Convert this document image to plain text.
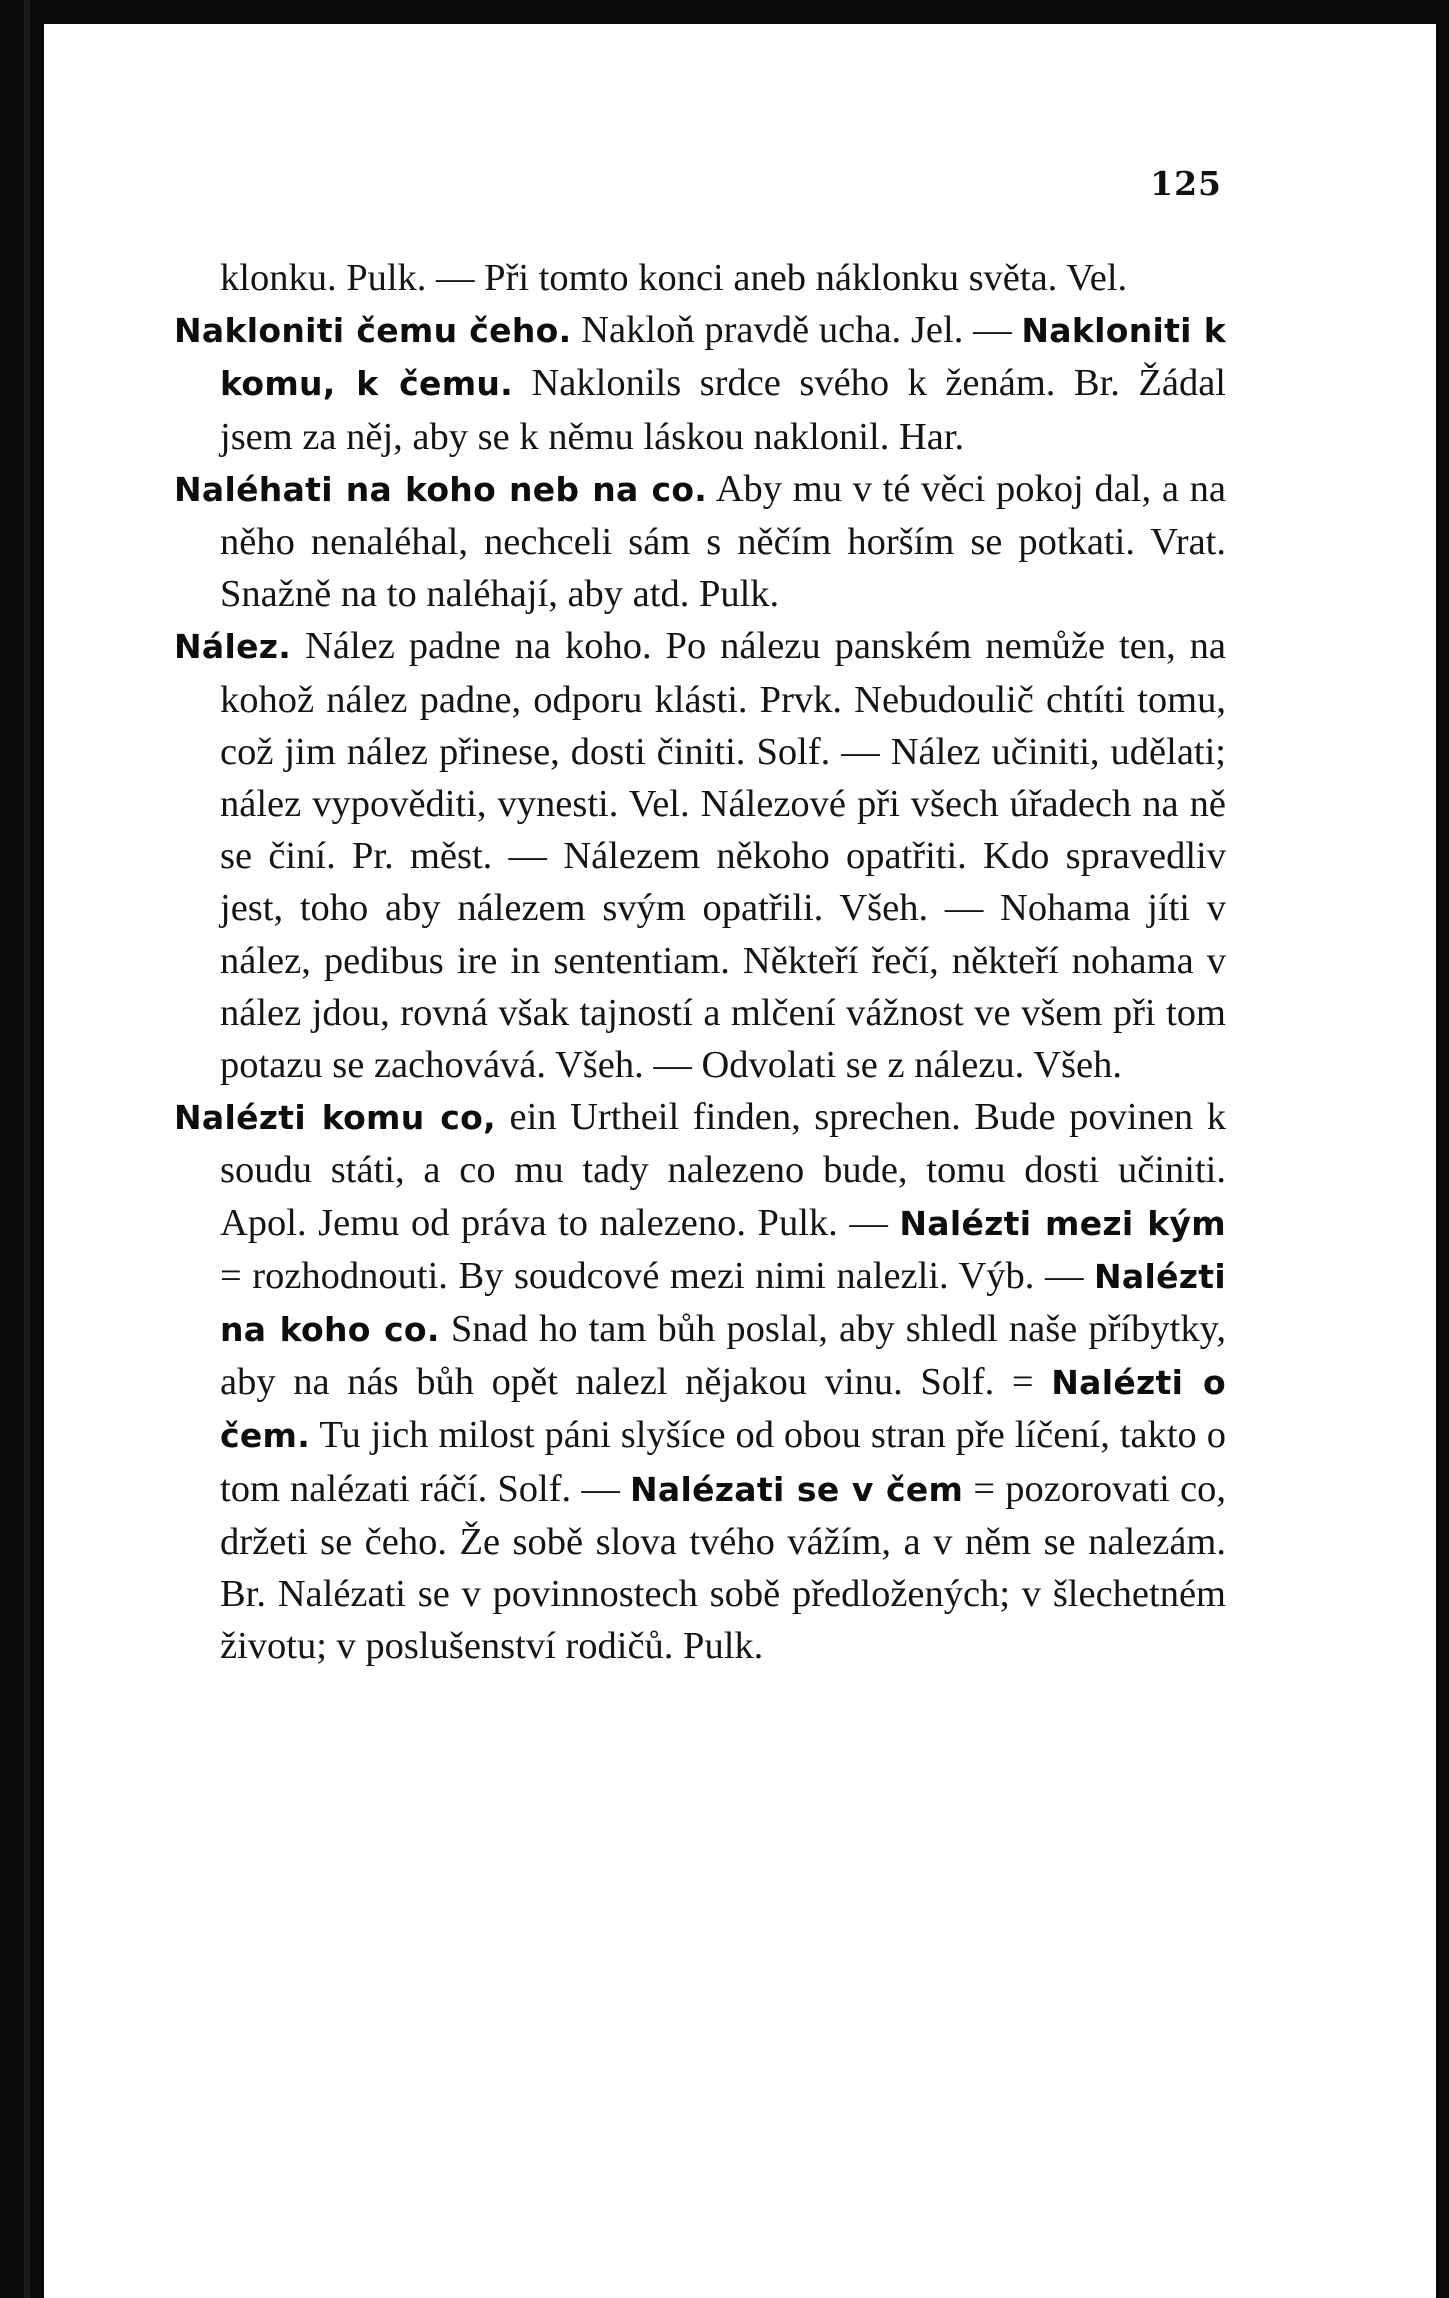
125

klonku. Pulk. — Při tomto konci aneb náklonku světa. Vel.

Nakloniti čemu čeho. Nakloň pravdě ucha. Jel. — Nakloniti k komu, k čemu. Naklonils srdce svého k ženám. Br. Žádal jsem za něj, aby se k němu láskou naklonil. Har.

Naléhati na koho neb na co. Aby mu v té věci pokoj dal, a na něho nenaléhal, nechceli sám s něčím horším se potkati. Vrat. Snažně na to naléhají, aby atd. Pulk.

Nález. Nález padne na koho. Po nálezu panském nemůže ten, na kohož nález padne, odporu klásti. Prvk. Nebudoulič chtíti tomu, což jim nález přinese, dosti činiti. Solf. — Nález učiniti, udělati; nález vypověditi, vynesti. Vel. Nálezové při všech úřadech na ně se činí. Pr. měst. — Nálezem někoho opatřiti. Kdo spravedliv jest, toho aby nálezem svým opatřili. Všeh. — Nohama jíti v nález, pedibus ire in sententiam. Někteří řečí, někteří nohama v nález jdou, rovná však tajností a mlčení vážnost ve všem při tom potazu se zachovává. Všeh. — Odvolati se z nálezu. Všeh.

Nalézti komu co, ein Urtheil finden, sprechen. Bude povinen k soudu státi, a co mu tady nalezeno bude, tomu dosti učiniti. Apol. Jemu od práva to nalezeno. Pulk. — Nalézti mezi kým = rozhodnouti. By soudcové mezi nimi nalezli. Výb. — Nalézti na koho co. Snad ho tam bůh poslal, aby shledl naše příbytky, aby na nás bůh opět nalezl nějakou vinu. Solf. = Nalézti o čem. Tu jich milost páni slyšíce od obou stran pře líčení, takto o tom nalézati ráčí. Solf. — Nalézati se v čem = pozorovati co, držeti se čeho. Že sobě slova tvého vážím, a v něm se nalezám. Br. Nalézati se v povinnostech sobě předložených; v šlechetném životu; v poslušenství rodičů. Pulk.
